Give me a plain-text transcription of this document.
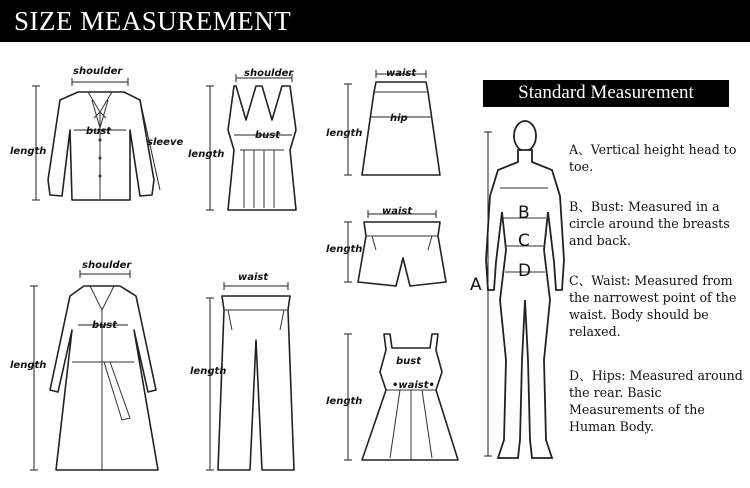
SIZE MEASUREMENT
shoulder
bust
length
sleeve
shoulder
bust
length
waist
hip
length
waist
length
shoulder
bust
length
waist
length
bust
•waist•
length
A
B
C
D
Standard Measurement
A、Vertical height head to toe.
B、Bust: Measured in a circle around the breasts and back.
C、Waist: Measured from the narrowest point of the waist. Body should be relaxed.
D、Hips: Measured around the rear. Basic Measurements of the Human Body.
